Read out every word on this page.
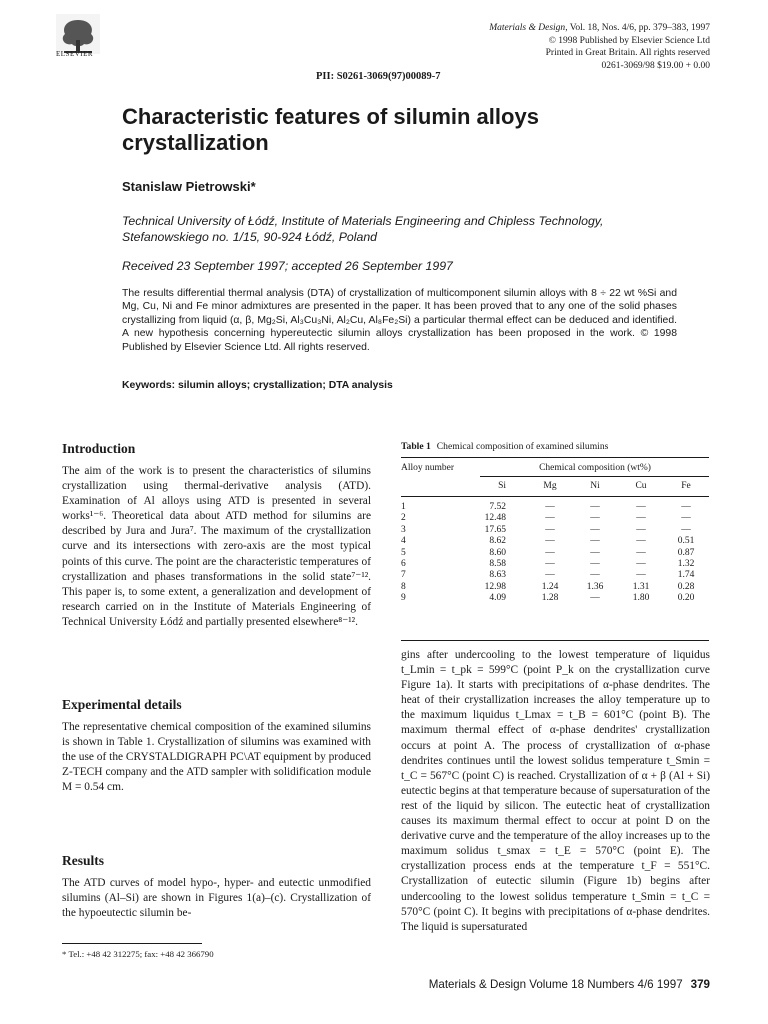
ELSEVIER
Materials & Design, Vol. 18, Nos. 4/6, pp. 379–383, 1997
© 1998 Published by Elsevier Science Ltd
Printed in Great Britain. All rights reserved
0261-3069/98 $19.00 + 0.00
PII: S0261-3069(97)00089-7
Characteristic features of silumin alloys crystallization
Stanislaw Pietrowski*
Technical University of Łódź, Institute of Materials Engineering and Chipless Technology, Stefanowskiego no. 1/15, 90-924 Łódź, Poland
Received 23 September 1997; accepted 26 September 1997
The results differential thermal analysis (DTA) of crystallization of multicomponent silumin alloys with 8 ÷ 22 wt %Si and Mg, Cu, Ni and Fe minor admixtures are presented in the paper. It has been proved that to any one of the solid phases crystallizing from liquid (α, β, Mg₂Si, Al₃Cu₃Ni, Al₂Cu, Al₈Fe₂Si) a particular thermal effect can be deduced and identified. A new hypothesis concerning hypereutectic silumin alloys crystallization has been proposed in the work. © 1998 Published by Elsevier Science Ltd. All rights reserved.
Keywords: silumin alloys; crystallization; DTA analysis
Introduction
The aim of the work is to present the characteristics of silumins crystallization using thermal-derivative analysis (ATD). Examination of Al alloys using ATD is presented in several works¹⁻⁶. Theoretical data about ATD method for silumins are described by Jura and Jura⁷. The maximum of the crystallization curve and its intersections with zero-axis are the most typical points of this curve. The point are the characteristic temperatures of crystallization and phases transformations in the solid state⁷⁻¹². This paper is, to some extent, a generalization and development of research carried on in the Institute of Materials Engineering of Technical University Łódź and partially presented elsewhere⁸⁻¹².
Experimental details
The representative chemical composition of the examined silumins is shown in Table 1. Crystallization of silumins was examined with the use of the CRYSTALDIGRAPH PC\AT equipment by produced Z-TECH company and the ATD sampler with solidification module M = 0.54 cm.
Results
The ATD curves of model hypo-, hyper- and eutectic unmodified silumins (Al–Si) are shown in Figures 1(a)–(c). Crystallization of the hypoeutectic silumin be-
* Tel.: +48 42 312275; fax: +48 42 366790
Table 1 Chemical composition of examined silumins
Alloy number	Chemical composition (wt%)
Si	Mg	Ni	Cu	Fe
1	7.52	—	—	—	—
2	12.48	—	—	—	—
3	17.65	—	—	—	—
4	8.62	—	—	—	0.51
5	8.60	—	—	—	0.87
6	8.58	—	—	—	1.32
7	8.63	—	—	—	1.74
8	12.98	1.24	1.36	1.31	0.28
9	4.09	1.28	—	1.80	0.20
gins after undercooling to the lowest temperature of liquidus t_Lmin = t_pk = 599°C (point P_k on the crystallization curve Figure 1a). It starts with precipitations of α-phase dendrites. The heat of their crystallization increases the alloy temperature up to the maximum liquidus t_Lmax = t_B = 601°C (point B). The maximum thermal effect of α-phase dendrites' crystallization occurs at point A. The process of crystallization of α-phase dendrites continues until the lowest solidus temperature t_Smin = t_C = 567°C (point C) is reached. Crystallization of α + β (Al + Si) eutectic begins at that temperature because of supersaturation of the rest of the liquid by silicon. The eutectic heat of crystallization causes its maximum thermal effect to occur at point D on the derivative curve and the temperature of the alloy increases up to the maximum solidus t_smax = t_E = 570°C (point E). The crystallization process ends at the temperature t_F = 551°C. Crystallization of eutectic silumin (Figure 1b) begins after undercooling to the lowest solidus temperature t_Smin = t_C = 570°C (point C). It begins with precipitations of α-phase dendrites. The liquid is supersaturated
Materials & Design Volume 18 Numbers 4/6 1997 379
